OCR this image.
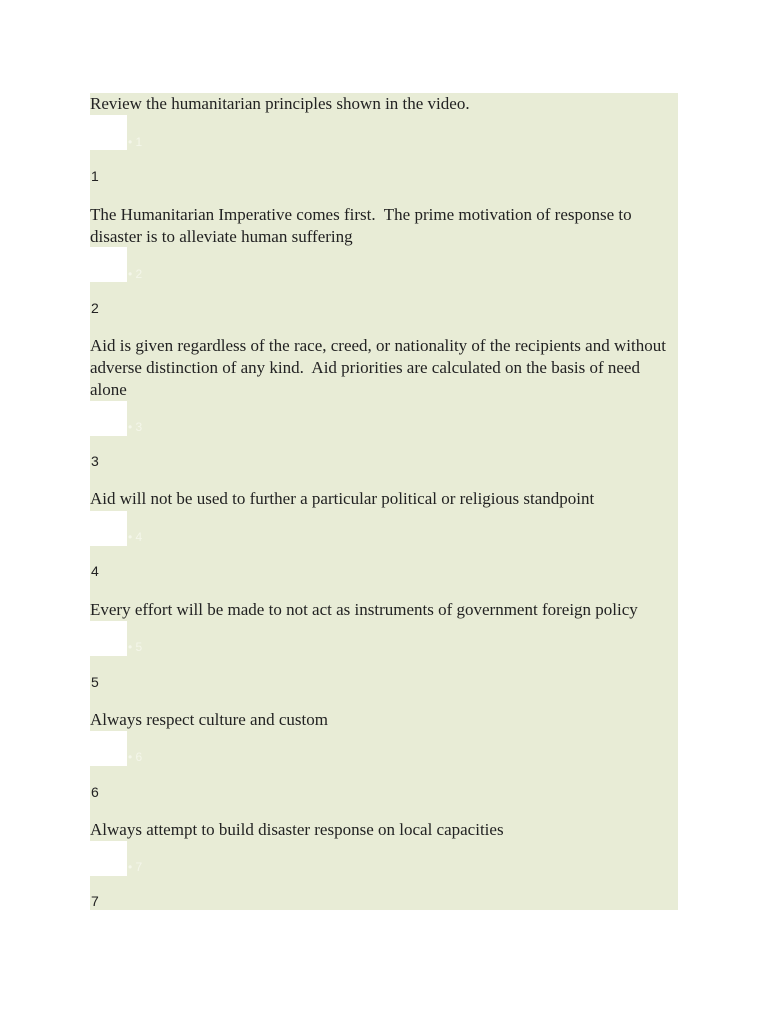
Review the humanitarian principles shown in the video.

• 1
1

The Humanitarian Imperative comes first.  The prime motivation of response to disaster is to alleviate human suffering

• 2
2

Aid is given regardless of the race, creed, or nationality of the recipients and without adverse distinction of any kind.  Aid priorities are calculated on the basis of need alone

• 3
3

Aid will not be used to further a particular political or religious standpoint

• 4
4

Every effort will be made to not act as instruments of government foreign policy

• 5
5

Always respect culture and custom

• 6
6

Always attempt to build disaster response on local capacities

• 7
7
